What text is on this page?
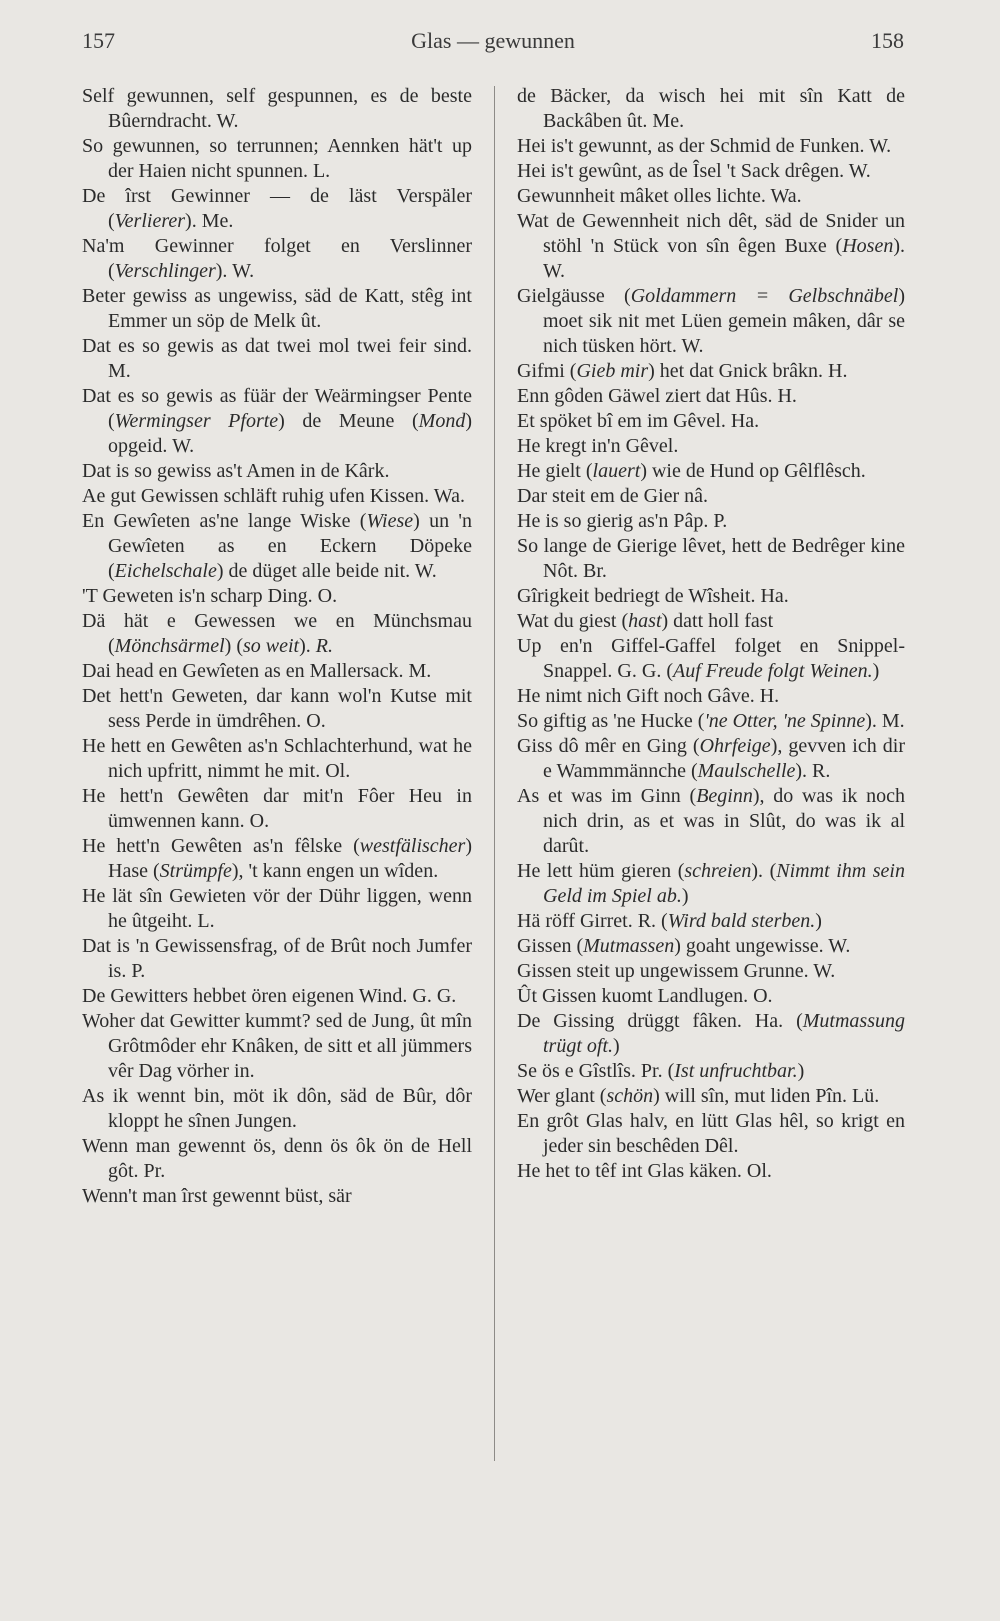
157	Glas — gewunnen	158
Self gewunnen, self gespunnen, es de beste Bûerndracht. W.
So gewunnen, so terrunnen; Aennken hät't up der Haien nicht spunnen. L.
De îrst Gewinner — de läst Verspäler (Verlierer). Me.
Na'm Gewinner folget en Verslinner (Verschlinger). W.
Beter gewiss as ungewiss, säd de Katt, stêg int Emmer un söp de Melk ût.
Dat es so gewis as dat twei mol twei feir sind. M.
Dat es so gewis as füär der Weärmingser Pente (Wermingser Pforte) de Meune (Mond) opgeid. W.
Dat is so gewiss as't Amen in de Kârk.
Ae gut Gewissen schläft ruhig ufen Kissen. Wa.
En Gewîeten as'ne lange Wiske (Wiese) un 'n Gewîeten as en Eckern Döpeke (Eichelschale) de düget alle beide nit. W.
'T Geweten is'n scharp Ding. O.
Dä hät e Gewessen we en Münchsmau (Mönchsärmel) (so weit). R.
Dai head en Gewîeten as en Mallersack. M.
Det hett'n Geweten, dar kann wol'n Kutse mit sess Perde in ümdrêhen. O.
He hett en Gewêten as'n Schlachterhund, wat he nich upfritt, nimmt he mit. Ol.
He hett'n Gewêten dar mit'n Fôer Heu in ümwennen kann. O.
He hett'n Gewêten as'n fêlske (westfälischer) Hase (Strümpfe), 't kann engen un wîden.
He lät sîn Gewieten vör der Dühr liggen, wenn he ûtgeiht. L.
Dat is 'n Gewissensfrag, of de Brût noch Jumfer is. P.
De Gewitters hebbet ören eigenen Wind. G. G.
Woher dat Gewitter kummt? sed de Jung, ût mîn Grôtmôder ehr Knâken, de sitt et all jümmers vêr Dag vörher in.
As ik wennt bin, möt ik dôn, säd de Bûr, dôr kloppt he sînen Jungen.
Wenn man gewennt ös, denn ös ôk ön de Hell gôt. Pr.
Wenn't man îrst gewennt büst, sär
de Bäcker, da wisch hei mit sîn Katt de Backâben ût. Me.
Hei is't gewunnt, as der Schmid de Funken. W.
Hei is't gewûnt, as de Îsel 't Sack drêgen. W.
Gewunnheit mâket olles lichte. Wa.
Wat de Gewennheit nich dêt, säd de Snider un stöhl 'n Stück von sîn êgen Buxe (Hosen). W.
Gielgäusse (Goldammern = Gelbschnäbel) moet sik nit met Lüen gemein mâken, dâr se nich tüsken hört. W.
Gifmi (Gieb mir) het dat Gnick brâkn. H.
Enn gôden Gäwel ziert dat Hûs. H.
Et spöket bî em im Gêvel. Ha.
He kregt in'n Gêvel.
He gielt (lauert) wie de Hund op Gêlflêsch.
Dar steit em de Gier nâ.
He is so gierig as'n Pâp. P.
So lange de Gierige lêvet, hett de Bedrêger kine Nôt. Br.
Gîrigkeit bedriegt de Wîsheit. Ha.
Wat du giest (hast) datt holl fast
Up en'n Giffel-Gaffel folget en Snippel-Snappel. G. G. (Auf Freude folgt Weinen.)
He nimt nich Gift noch Gâve. H.
So giftig as 'ne Hucke ('ne Otter, 'ne Spinne). M.
Giss dô mêr en Ging (Ohrfeige), gevven ich dir e Wammmännche (Maulschelle). R.
As et was im Ginn (Beginn), do was ik noch nich drin, as et was in Slût, do was ik al darût.
He lett hüm gieren (schreien). (Nimmt ihm sein Geld im Spiel ab.)
Hä röff Girret. R. (Wird bald sterben.)
Gissen (Mutmassen) goaht ungewisse. W.
Gissen steit up ungewissem Grunne. W.
Ût Gissen kuomt Landlugen. O.
De Gissing drüggt fâken. Ha. (Mutmassung trügt oft.)
Se ös e Gîstlîs. Pr. (Ist unfruchtbar.)
Wer glant (schön) will sîn, mut liden Pîn. Lü.
En grôt Glas halv, en lütt Glas hêl, so krigt en jeder sin beschêden Dêl.
He het to têf int Glas käken. Ol.
